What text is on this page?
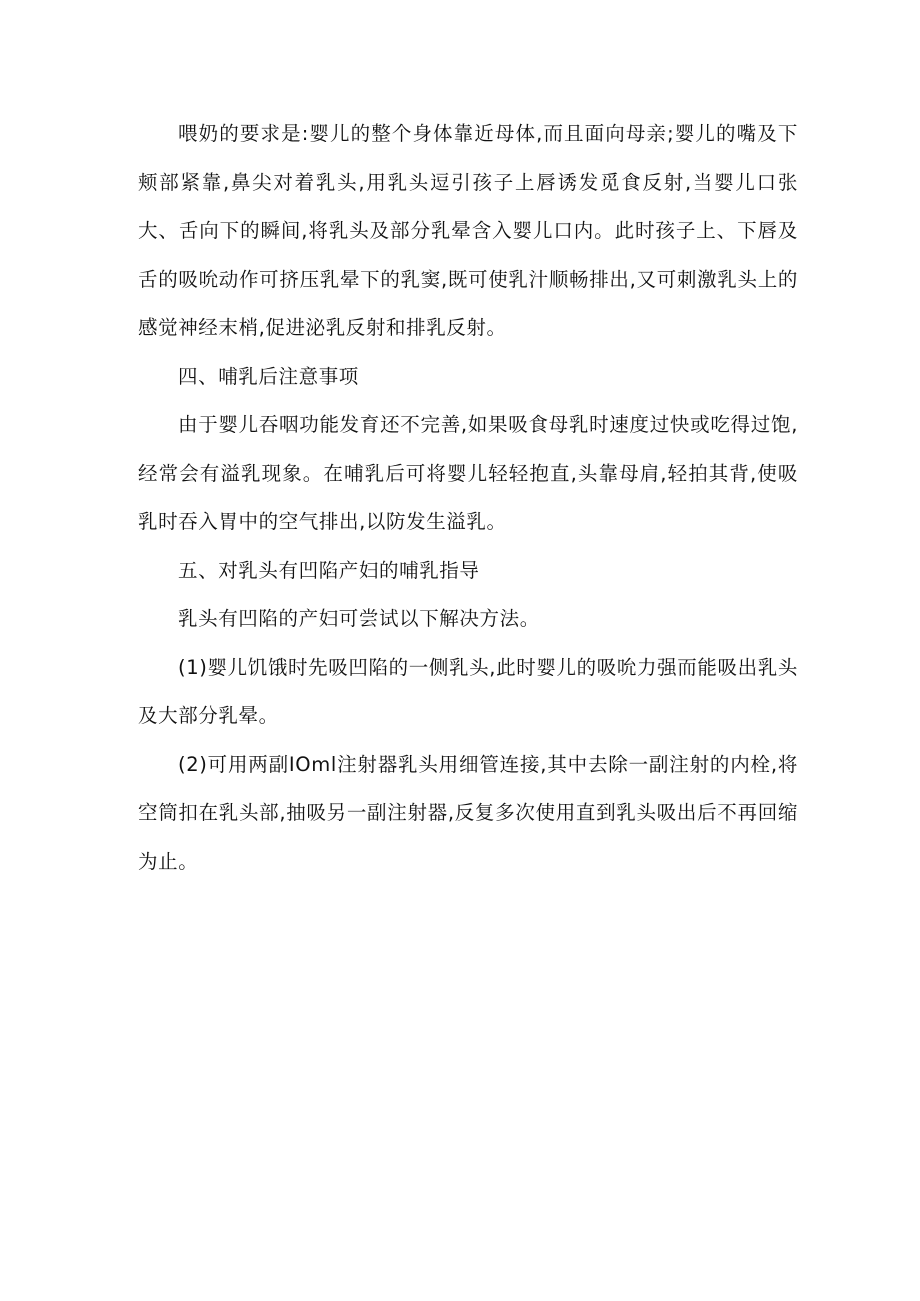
喂奶的要求是:婴儿的整个身体靠近母体,而且面向母亲;婴儿的嘴及下颊部紧靠,鼻尖对着乳头,用乳头逗引孩子上唇诱发觅食反射,当婴儿口张大、舌向下的瞬间,将乳头及部分乳晕含入婴儿口内。此时孩子上、下唇及舌的吸吮动作可挤压乳晕下的乳窦,既可使乳汁顺畅排出,又可刺激乳头上的感觉神经末梢,促进泌乳反射和排乳反射。

四、哺乳后注意事项

由于婴儿吞咽功能发育还不完善,如果吸食母乳时速度过快或吃得过饱,经常会有溢乳现象。在哺乳后可将婴儿轻轻抱直,头靠母肩,轻拍其背,使吸乳时吞入胃中的空气排出,以防发生溢乳。

五、对乳头有凹陷产妇的哺乳指导

乳头有凹陷的产妇可尝试以下解决方法。

(1)婴儿饥饿时先吸凹陷的一侧乳头,此时婴儿的吸吮力强而能吸出乳头及大部分乳晕。

(2)可用两副IOml注射器乳头用细管连接,其中去除一副注射的内栓,将空筒扣在乳头部,抽吸另一副注射器,反复多次使用直到乳头吸出后不再回缩为止。
